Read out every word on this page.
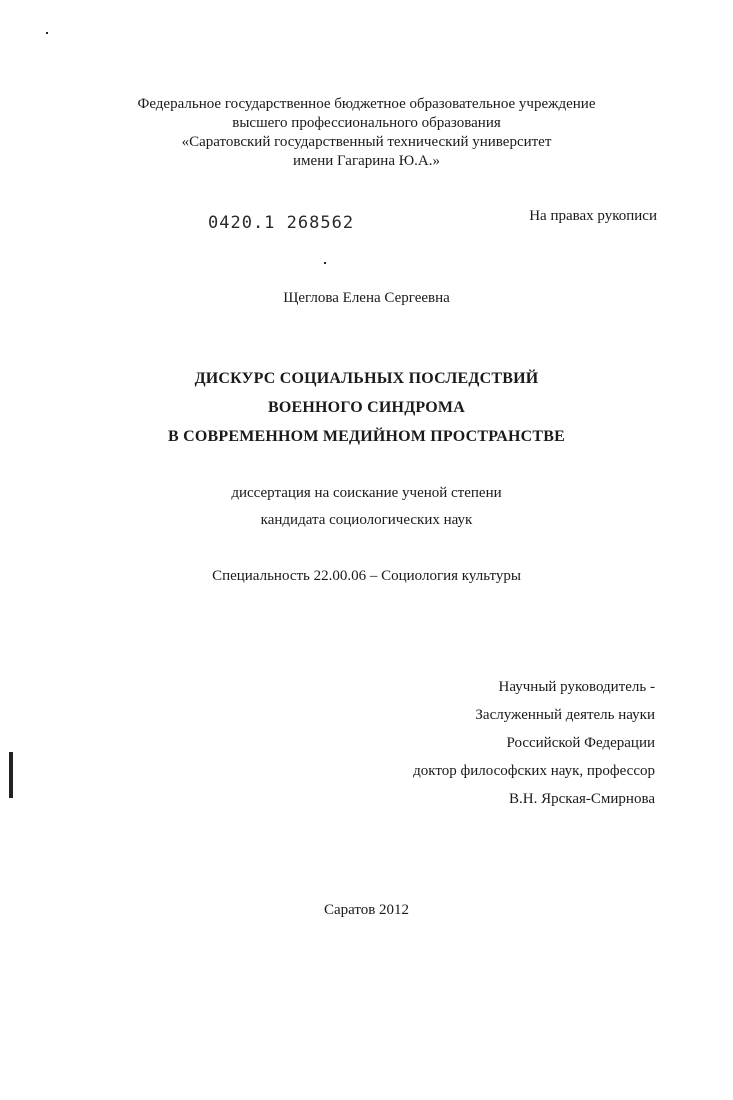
Федеральное государственное бюджетное образовательное учреждение
высшего профессионального образования
«Саратовский государственный технический университет
имени Гагарина Ю.А.»
0420.1 268562	На правах рукописи
Щеглова Елена Сергеевна
ДИСКУРС СОЦИАЛЬНЫХ ПОСЛЕДСТВИЙ
ВОЕННОГО СИНДРОМА
В СОВРЕМЕННОМ МЕДИЙНОМ ПРОСТРАНСТВЕ
диссертация на соискание ученой степени
кандидата социологических наук
Специальность 22.00.06 – Социология культуры
Научный руководитель -
Заслуженный деятель науки
Российской Федерации
доктор философских наук, профессор
В.Н. Ярская-Смирнова
Саратов 2012
